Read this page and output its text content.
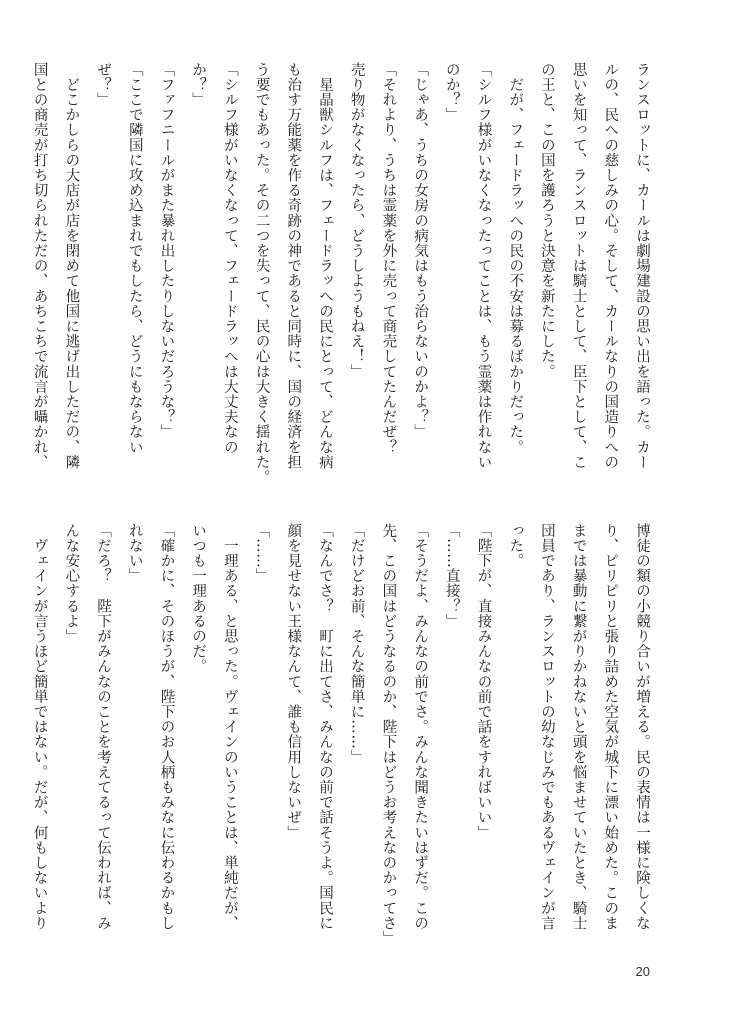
ランスロットに、カールは劇場建設の思い出を語った。カー
ルの、民への慈しみの心。そして、カールなりの国造りへの
思いを知って、ランスロットは騎士として、臣下として、こ
の王と、この国を護ろうと決意を新たにした。
　だが、フェードラッへの民の不安は募るばかりだった。
「シルフ様がいなくなったってことは、もう霊薬は作れない
のか？」
「じゃあ、うちの女房の病気はもう治らないのかよ？」
「それより、うちは霊薬を外に売って商売してたんだぜ？
売り物がなくなったら、どうしようもねえ！」
　星晶獣シルフは、フェードラッへの民にとって、どんな病
も治す万能薬を作る奇跡の神であると同時に、国の経済を担
う要でもあった。その二つを失って、民の心は大きく揺れた。
「シルフ様がいなくなって、フェードラッへは大丈夫なの
か？」
「ファフニールがまた暴れ出したりしないだろうな？」
「ここで隣国に攻め込まれでもしたら、どうにもならない
ぜ？」
　どこかしらの大店が店を閉めて他国に逃げ出しただの、隣
国との商売が打ち切られただの、あちこちで流言が囁かれ、
博徒の類の小競り合いが増える。民の表情は一様に険しくな
り、ピリピリと張り詰めた空気が城下に漂い始めた。このま
までは暴動に繋がりかねないと頭を悩ませていたとき、騎士
団員であり、ランスロットの幼なじみでもあるヴェインが言
った。
「陛下が、直接みんなの前で話をすればいい」
「……直接？」
「そうだよ、みんなの前でさ。みんな聞きたいはずだ。この
先、この国はどうなるのか、陛下はどうお考えなのかってさ」
「だけどお前、そんな簡単に……」
「なんでさ？　町に出てさ、みんなの前で話そうよ。国民に
顔を見せない王様なんて、誰も信用しないぜ」
「……」
　一理ある、と思った。ヴェインのいうことは、単純だが、
いつも一理あるのだ。
「確かに、そのほうが、陛下のお人柄もみなに伝わるかもし
れない」
「だろ？　陛下がみんなのことを考えてるって伝われば、み
んな安心するよ」
　ヴェインが言うほど簡単ではない。だが、何もしないより
20
